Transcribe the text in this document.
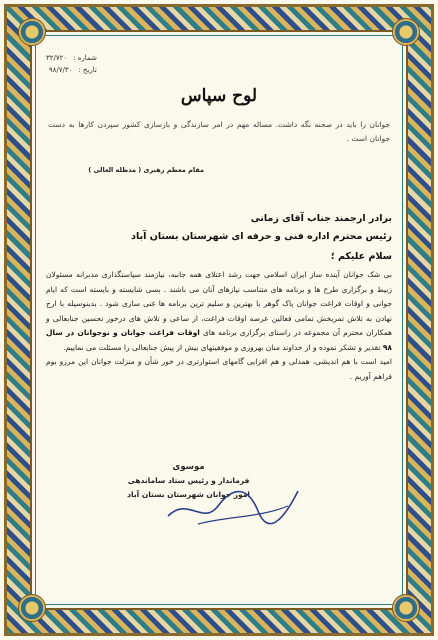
شماره :
۳۲/۷۲۰
تاریخ :
۹۸/۷/۳۰
لوح سپاس
جوانان را باید در صحنه نگه داشت. مساله مهم در امر سازندگی و بازسازی کشور سپردن کارها به دست جوانان است .
مقام معظم رهبری ( مدظله العالی )
برادر ارجمند جناب آقای زمانی
رئیس محترم اداره فنی و حرفه ای شهرستان بستان آباد
سلام علیکم ؛

بی شک جوانان آینده ساز ایران اسلامی جهت رشد اعتلای همه جانبه، نیازمند سیاستگذاری مدبرانه مسئولان زبیط و برگزاری طرح ها و برنامه های متناسب نیازهای آنان می باشند . بسی شایسته و بایسته است که ایام جوانی و اوقات فراغت جوانان پاک گوهر با بهترین و سلیم ترین برنامه ها غنی سازی شود . بدینوسیله با ارج نهادن به تلاش تمریخش تمامی فعالین عرصه اوقات فراغت، از ساعی و تلاش های درخور تحسین جنابعالی و همکاران محترم آن مجموعه در راستای برگزاری برنامه های اوقات فراغت جوانان و نوجوانان در سال ۹۸ تقدیر و تشکر نموده و از خداوند منان بهروزی و موفقیتهای بیش از پیش جنابعالی را مسئلت می نماییم.

امید است با هم اندیشی، همدلی و هم افزایی گامهای استوارتری در خور شأن و منزلت جوانان این مرزو بوم فراهم آوریم .

موسوی
فرماندار و رئیس ستاد ساماندهی
امور جوانان شهرستان بستان آباد
